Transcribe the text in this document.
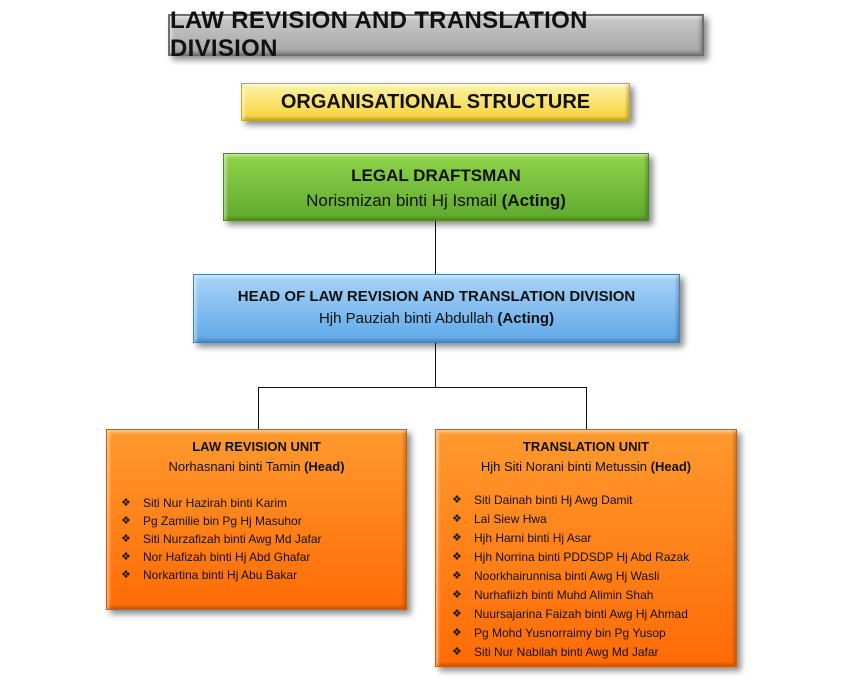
LAW REVISION AND TRANSLATION DIVISION
ORGANISATIONAL STRUCTURE
LEGAL DRAFTSMAN
Norismizan binti Hj Ismail (Acting)
HEAD OF LAW REVISION AND TRANSLATION DIVISION
Hjh Pauziah binti Abdullah (Acting)
LAW REVISION UNIT
Norhasnani binti Tamin (Head)
❖	Siti Nur Hazirah binti Karim
❖	Pg Zamilie bin Pg Hj Masuhor
❖	Siti Nurzafizah binti Awg Md Jafar
❖	Nor Hafizah binti Hj Abd Ghafar
❖	Norkartina binti Hj Abu Bakar
TRANSLATION UNIT
Hjh Siti Norani binti Metussin (Head)
❖	Siti Dainah binti Hj Awg Damit
❖	Lai Siew Hwa
❖	Hjh Harni binti Hj Asar
❖	Hjh Norrina binti PDDSDP Hj Abd Razak
❖	Noorkhairunnisa binti Awg Hj Wasli
❖	Nurhafiizh binti Muhd Alimin Shah
❖	Nuursajarina Faizah binti Awg Hj Ahmad
❖	Pg Mohd Yusnorraimy bin Pg Yusop
❖	Siti Nur Nabilah binti Awg Md Jafar
